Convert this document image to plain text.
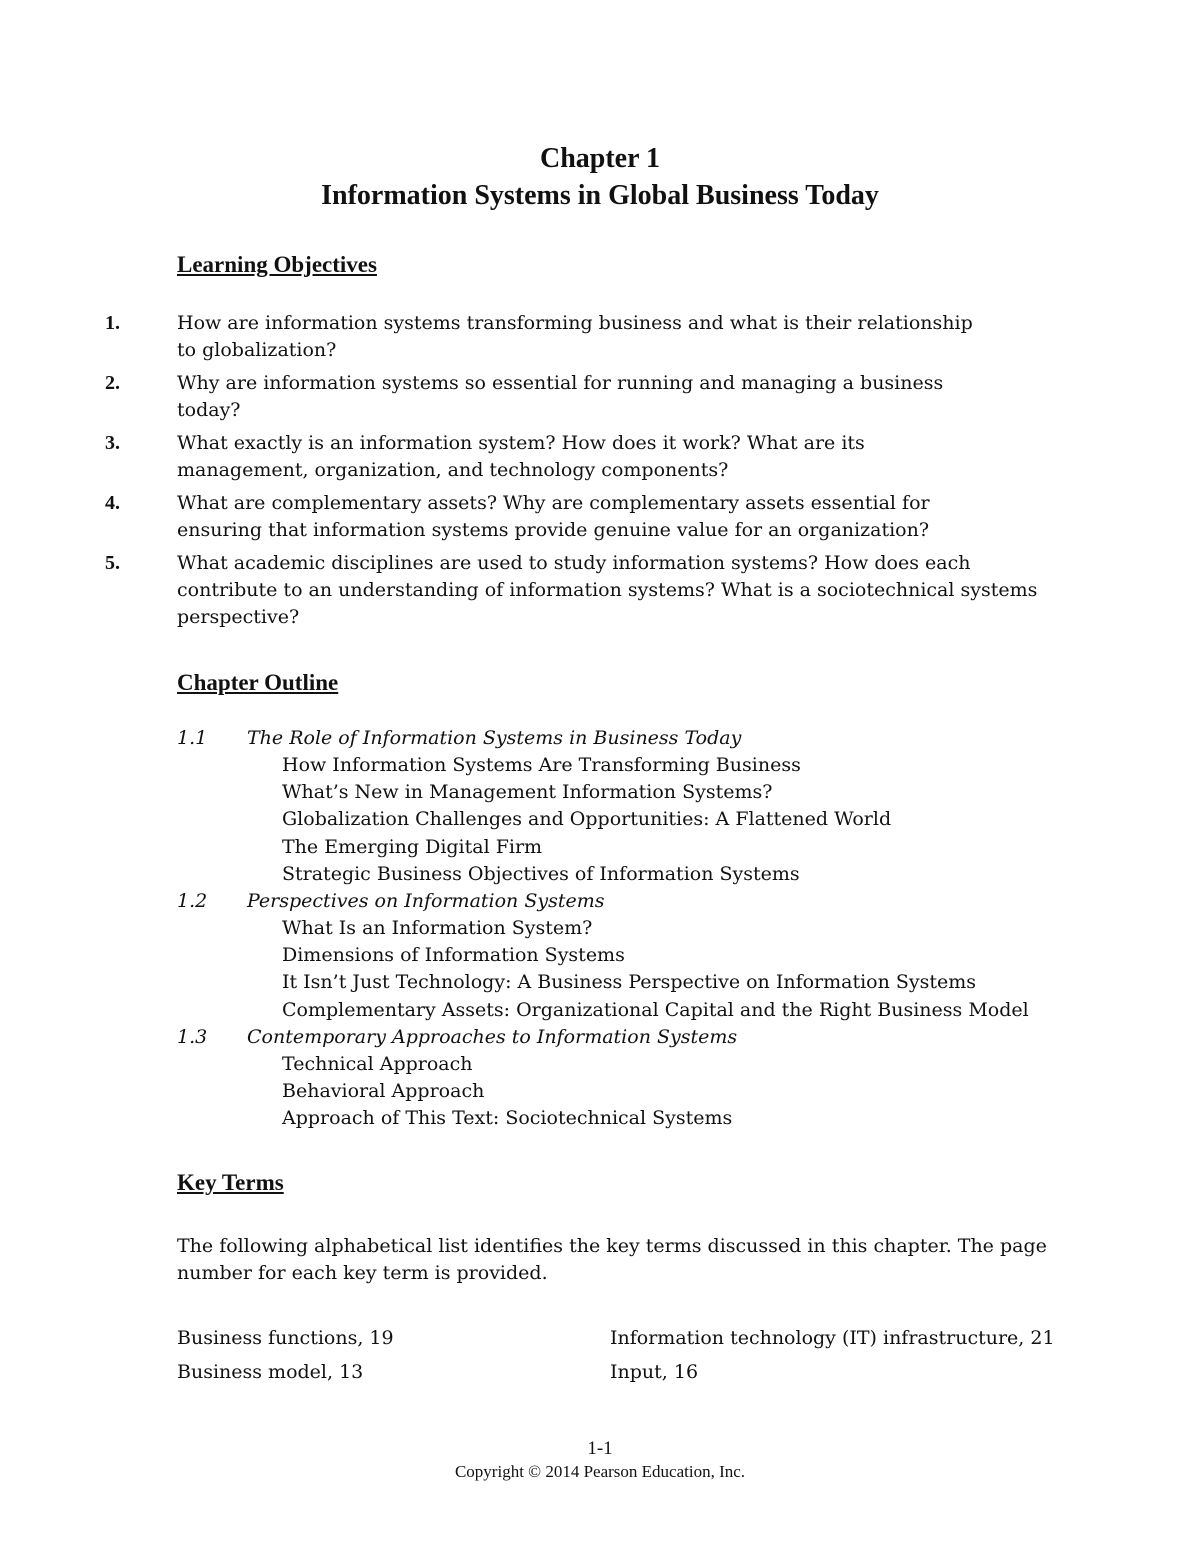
Chapter 1
Information Systems in Global Business Today
Learning Objectives
1.	How are information systems transforming business and what is their relationship
to globalization?
2.	Why are information systems so essential for running and managing a business
today?
3.	What exactly is an information system? How does it work? What are its
management, organization, and technology components?
4.	What are complementary assets? Why are complementary assets essential for
ensuring that information systems provide genuine value for an organization?
5.	What academic disciplines are used to study information systems? How does each
contribute to an understanding of information systems? What is a sociotechnical systems perspective?
Chapter Outline
1.1 The Role of Information Systems in Business Today
How Information Systems Are Transforming Business
What’s New in Management Information Systems?
Globalization Challenges and Opportunities: A Flattened World
The Emerging Digital Firm
Strategic Business Objectives of Information Systems
1.2 Perspectives on Information Systems
What Is an Information System?
Dimensions of Information Systems
It Isn’t Just Technology: A Business Perspective on Information Systems
Complementary Assets: Organizational Capital and the Right Business Model
1.3 Contemporary Approaches to Information Systems
Technical Approach
Behavioral Approach
Approach of This Text: Sociotechnical Systems
Key Terms
The following alphabetical list identifies the key terms discussed in this chapter. The page number for each key term is provided.
Business functions, 19	Information technology (IT) infrastructure, 21
Business model, 13	Input, 16
1-1
Copyright © 2014 Pearson Education, Inc.
